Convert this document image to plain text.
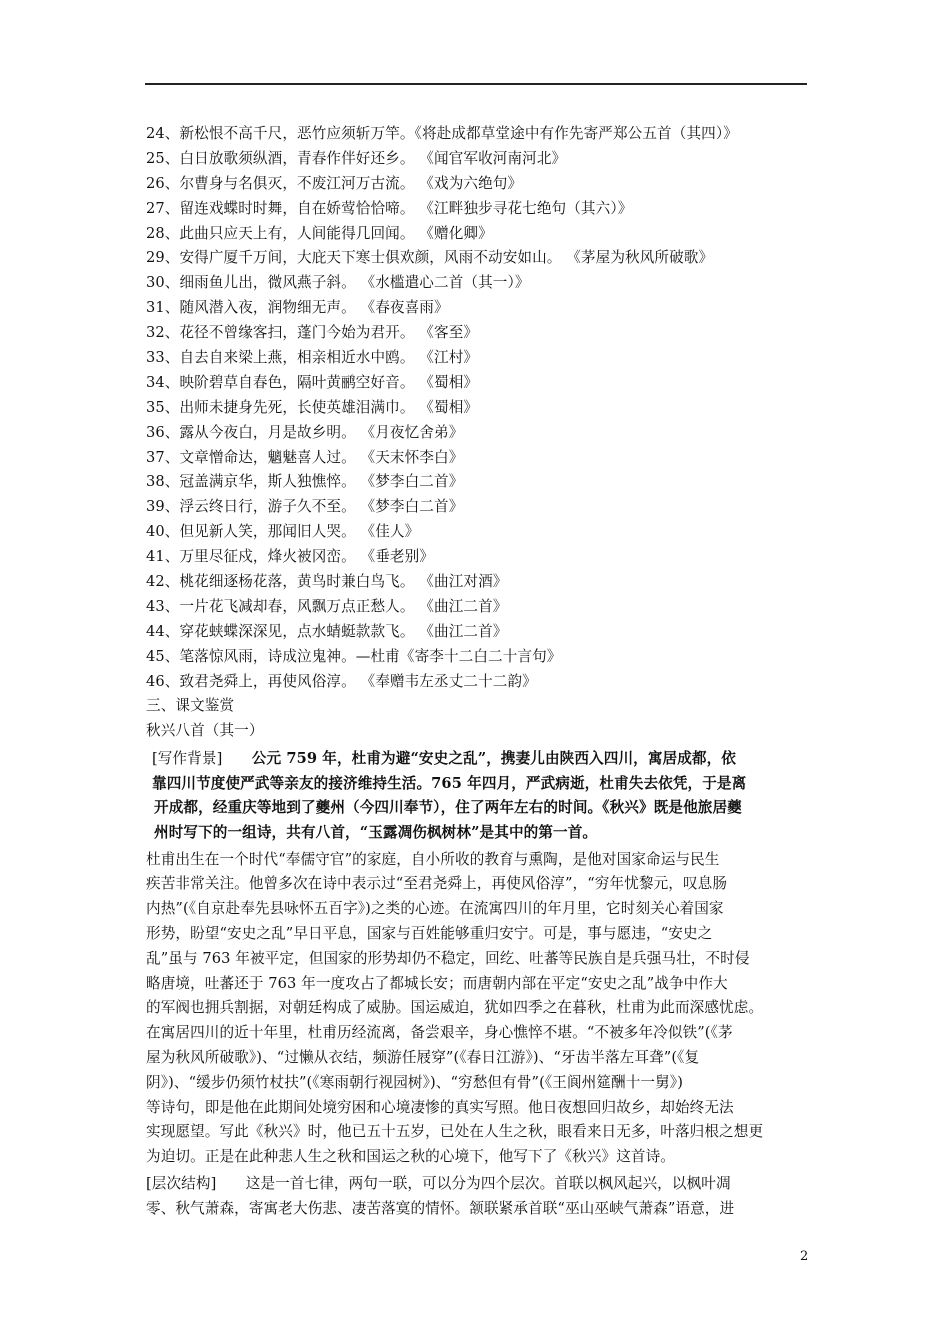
24、新松恨不高千尺，恶竹应须斩万竿。《将赴成都草堂途中有作先寄严郑公五首（其四）》
25、白日放歌须纵酒，青春作伴好还乡。 《闻官军收河南河北》
26、尔曹身与名俱灭，不废江河万古流。 《戏为六绝句》
27、留连戏蝶时时舞，自在娇莺恰恰啼。 《江畔独步寻花七绝句（其六）》
28、此曲只应天上有，人间能得几回闻。 《赠化卿》
29、安得广厦千万间，大庇天下寒士俱欢颜，风雨不动安如山。 《茅屋为秋风所破歌》
30、细雨鱼儿出，微风燕子斜。 《水槛遣心二首（其一）》
31、随风潜入夜，润物细无声。 《春夜喜雨》
32、花径不曾缘客扫，蓬门今始为君开。 《客至》
33、自去自来梁上燕，相亲相近水中鸥。 《江村》
34、映阶碧草自春色，隔叶黄鹂空好音。 《蜀相》
35、出师未捷身先死，长使英雄泪满巾。 《蜀相》
36、露从今夜白，月是故乡明。 《月夜忆舍弟》
37、文章憎命达，魑魅喜人过。 《天末怀李白》
38、冠盖满京华，斯人独憔悴。 《梦李白二首》
39、浮云终日行，游子久不至。 《梦李白二首》
40、但见新人笑，那闻旧人哭。 《佳人》
41、万里尽征戍，烽火被冈峦。 《垂老别》
42、桃花细逐杨花落，黄鸟时兼白鸟飞。 《曲江对酒》
43、一片花飞减却春，风飘万点正愁人。 《曲江二首》
44、穿花蛱蝶深深见，点水蜻蜓款款飞。 《曲江二首》
45、笔落惊风雨，诗成泣鬼神。—杜甫《寄李十二白二十言句》
46、致君尧舜上，再使风俗淳。 《奉赠韦左丞丈二十二韵》
三、课文鉴赏
秋兴八首（其一）
[写作背景]　　 公元 759 年，杜甫为避“安史之乱”，携妻儿由陕西入四川，寓居成都，依
靠四川节度使严武等亲友的接济维持生活。765 年四月，严武病逝，杜甫失去依凭，于是离
开成都，经重庆等地到了夔州（今四川奉节），住了两年左右的时间。《秋兴》既是他旅居夔
州时写下的一组诗，共有八首，“玉露凋伤枫树林”是其中的第一首。
杜甫出生在一个时代“奉儒守官”的家庭，自小所收的教育与熏陶，是他对国家命运与民生
疾苦非常关注。他曾多次在诗中表示过“至君尧舜上，再使风俗淳”，“穷年忧黎元，叹息肠
内热”(《自京赴奉先县咏怀五百字》)之类的心迹。在流寓四川的年月里，它时刻关心着国家
形势，盼望“安史之乱”早日平息，国家与百姓能够重归安宁。可是，事与愿违，“安史之
乱”虽与 763 年被平定，但国家的形势却仍不稳定，回纥、吐蕃等民族自是兵强马壮，不时侵
略唐境，吐蕃还于 763 年一度攻占了都城长安；而唐朝内部在平定“安史之乱”战争中作大
的军阀也拥兵割据，对朝廷构成了威胁。国运威迫，犹如四季之在暮秋，杜甫为此而深感忧虑。
在寓居四川的近十年里，杜甫历经流离，备尝艰辛，身心憔悴不堪。“不被多年冷似铁”(《茅
屋为秋风所破歌》)、“过懒从衣结，频游任屐穿”(《春日江游》)、“牙齿半落左耳聋”(《复
阴》)、“缓步仍须竹杖扶”(《寒雨朝行视园树》)、“穷愁但有骨”(《王阆州筵酬十一舅》)
等诗句，即是他在此期间处境穷困和心境凄惨的真实写照。他日夜想回归故乡，却始终无法
实现愿望。写此《秋兴》时，他已五十五岁，已处在人生之秋，眼看来日无多，叶落归根之想更
为迫切。正是在此种悲人生之秋和国运之秋的心境下，他写下了《秋兴》这首诗。
[层次结构]　　这是一首七律，两句一联，可以分为四个层次。首联以枫风起兴，以枫叶凋
零、秋气萧森，寄寓老大伤悲、凄苦落寞的情怀。颔联紧承首联“巫山巫峡气萧森”语意，进
2
